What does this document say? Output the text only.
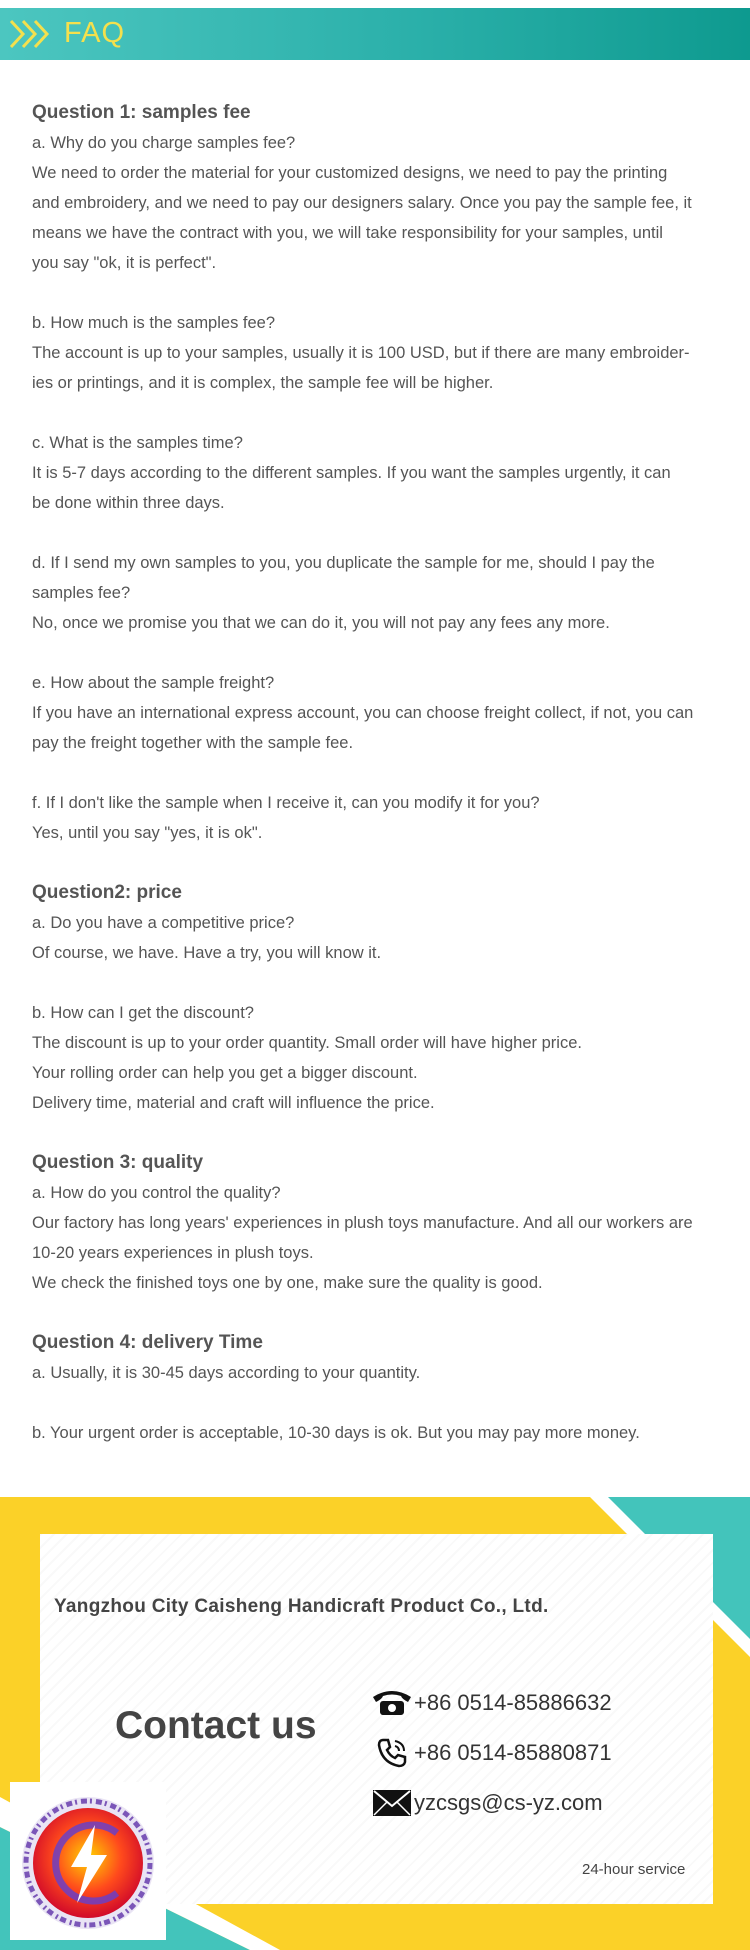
FAQ
Question 1: samples fee

a. Why do you charge samples fee?

We need to order the material for your customized designs, we need to pay the printing

and embroidery, and we need to pay our designers salary. Once you pay the sample fee, it

means we have the contract with you, we will take responsibility for your samples, until

you say "ok, it is perfect".

b. How much is the samples fee?

The account is up to your samples, usually it is 100 USD, but if there are many embroider-

ies or printings, and it is complex, the sample fee will be higher.

c. What is the samples time?

It is 5-7 days according to the different samples. If you want the samples urgently, it can

be done within three days.

d. If I send my own samples to you, you duplicate the sample for me, should I pay the

samples fee?

No, once we promise you that we can do it, you will not pay any fees any more.

e. How about the sample freight?

If you have an international express account, you can choose freight collect, if not, you can

pay the freight together with the sample fee.

f. If I don't like the sample when I receive it, can you modify it for you?

Yes, until you say "yes, it is ok".

Question2: price

a. Do you have a competitive price?

Of course, we have. Have a try, you will know it.

b. How can I get the discount?

The discount is up to your order quantity. Small order will have higher price.

Your rolling order can help you get a bigger discount.

Delivery time, material and craft will influence the price.

Question 3: quality

a. How do you control the quality?

Our factory has long years' experiences in plush toys manufacture. And all our workers are

10-20 years experiences in plush toys.

We check the finished toys one by one, make sure the quality is good.

Question 4: delivery Time

a. Usually, it is 30-45 days according to your quantity.

b. Your urgent order is acceptable, 10-30 days is ok. But you may pay more money.

Yangzhou City Caisheng Handicraft Product Co., Ltd.
Contact us
+86 0514-85886632
+86 0514-85880871
yzcsgs@cs-yz.com
24-hour service
